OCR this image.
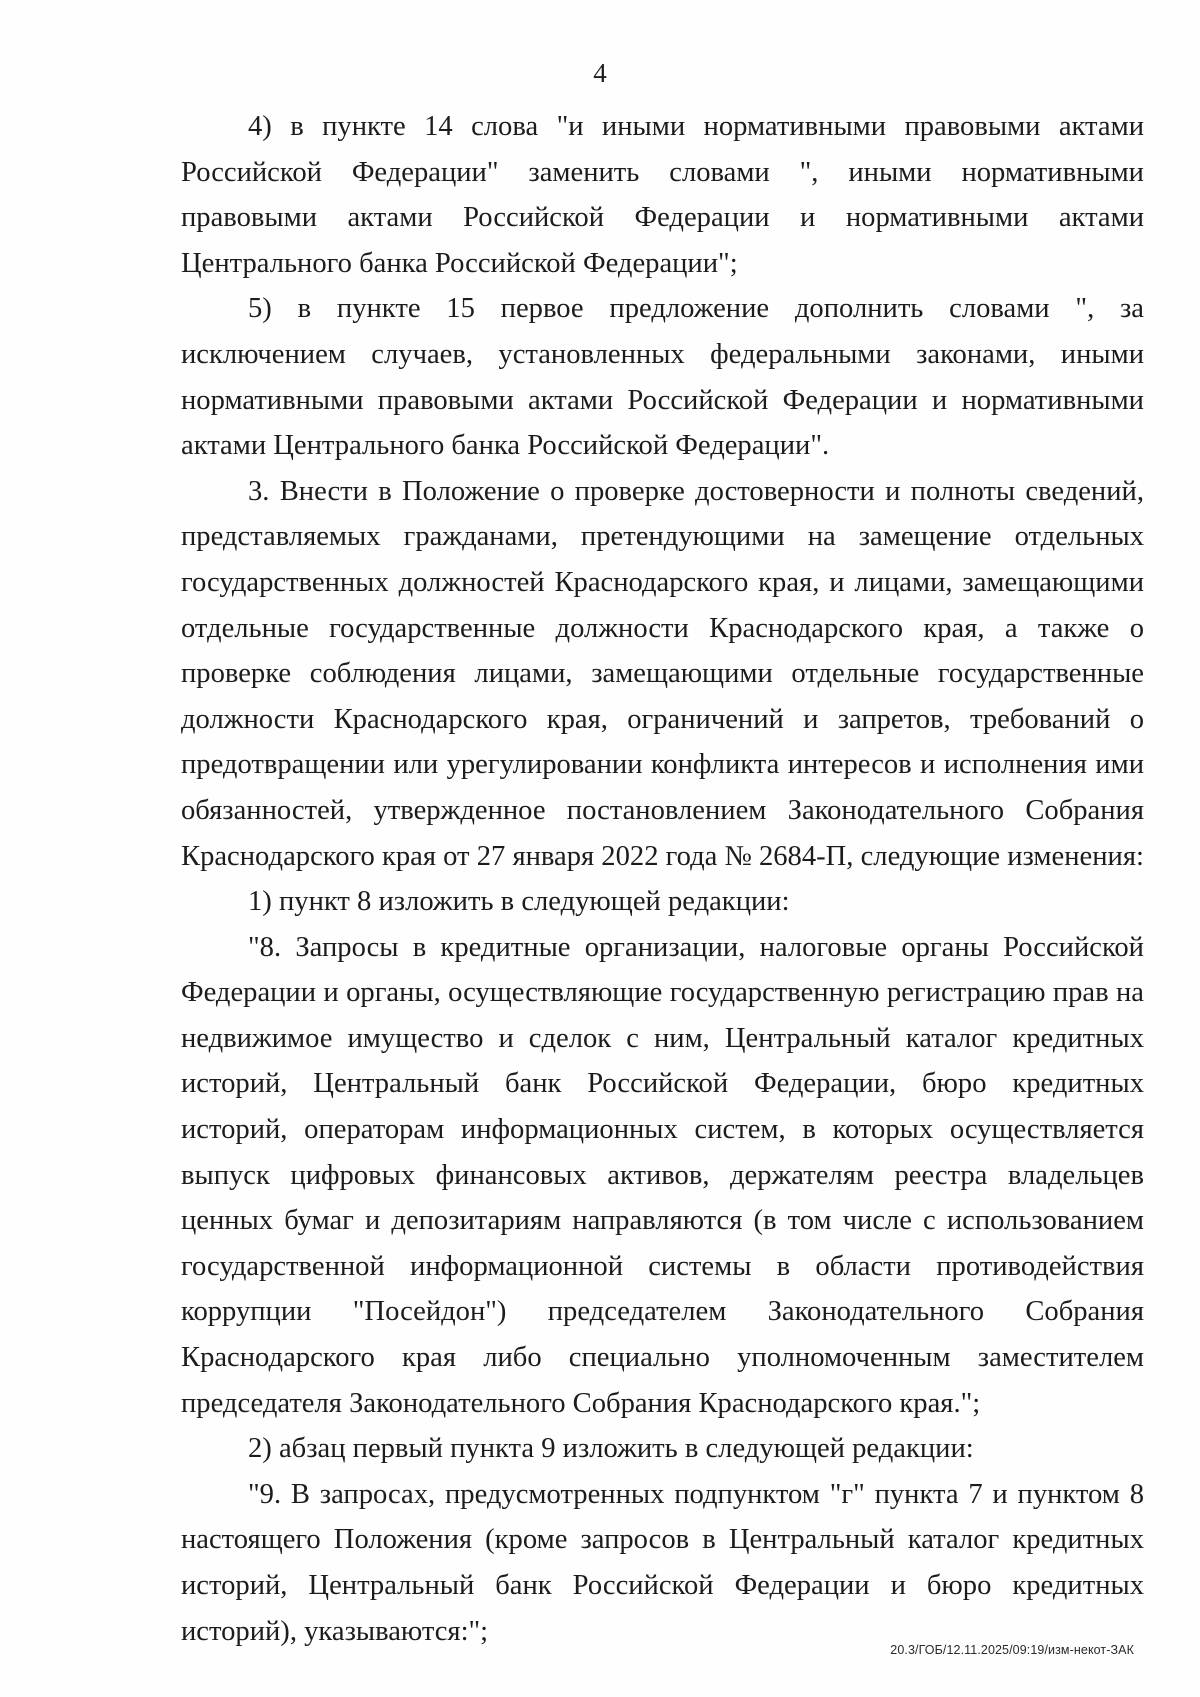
4

4) в пункте 14 слова "и иными нормативными правовыми актами Российской Федерации" заменить словами ", иными нормативными правовыми актами Российской Федерации и нормативными актами Центрального банка Российской Федерации";

5) в пункте 15 первое предложение дополнить словами ", за исключением случаев, установленных федеральными законами, иными нормативными правовыми актами Российской Федерации и нормативными актами Центрального банка Российской Федерации".

3. Внести в Положение о проверке достоверности и полноты сведений, представляемых гражданами, претендующими на замещение отдельных государственных должностей Краснодарского края, и лицами, замещающими отдельные государственные должности Краснодарского края, а также о проверке соблюдения лицами, замещающими отдельные государственные должности Краснодарского края, ограничений и запретов, требований о предотвращении или урегулировании конфликта интересов и исполнения ими обязанностей, утвержденное постановлением Законодательного Собрания Краснодарского края от 27 января 2022 года № 2684-П, следующие изменения:

1) пункт 8 изложить в следующей редакции:

"8. Запросы в кредитные организации, налоговые органы Российской Федерации и органы, осуществляющие государственную регистрацию прав на недвижимое имущество и сделок с ним, Центральный каталог кредитных историй, Центральный банк Российской Федерации, бюро кредитных историй, операторам информационных систем, в которых осуществляется выпуск цифровых финансовых активов, держателям реестра владельцев ценных бумаг и депозитариям направляются (в том числе с использованием государственной информационной системы в области противодействия коррупции "Посейдон") председателем Законодательного Собрания Краснодарского края либо специально уполномоченным заместителем председателя Законодательного Собрания Краснодарского края.";

2) абзац первый пункта 9 изложить в следующей редакции:

"9. В запросах, предусмотренных подпунктом "г" пункта 7 и пунктом 8 настоящего Положения (кроме запросов в Центральный каталог кредитных историй, Центральный банк Российской Федерации и бюро кредитных историй), указываются:";

20.3/ГОБ/12.11.2025/09:19/изм-некот-ЗАК
